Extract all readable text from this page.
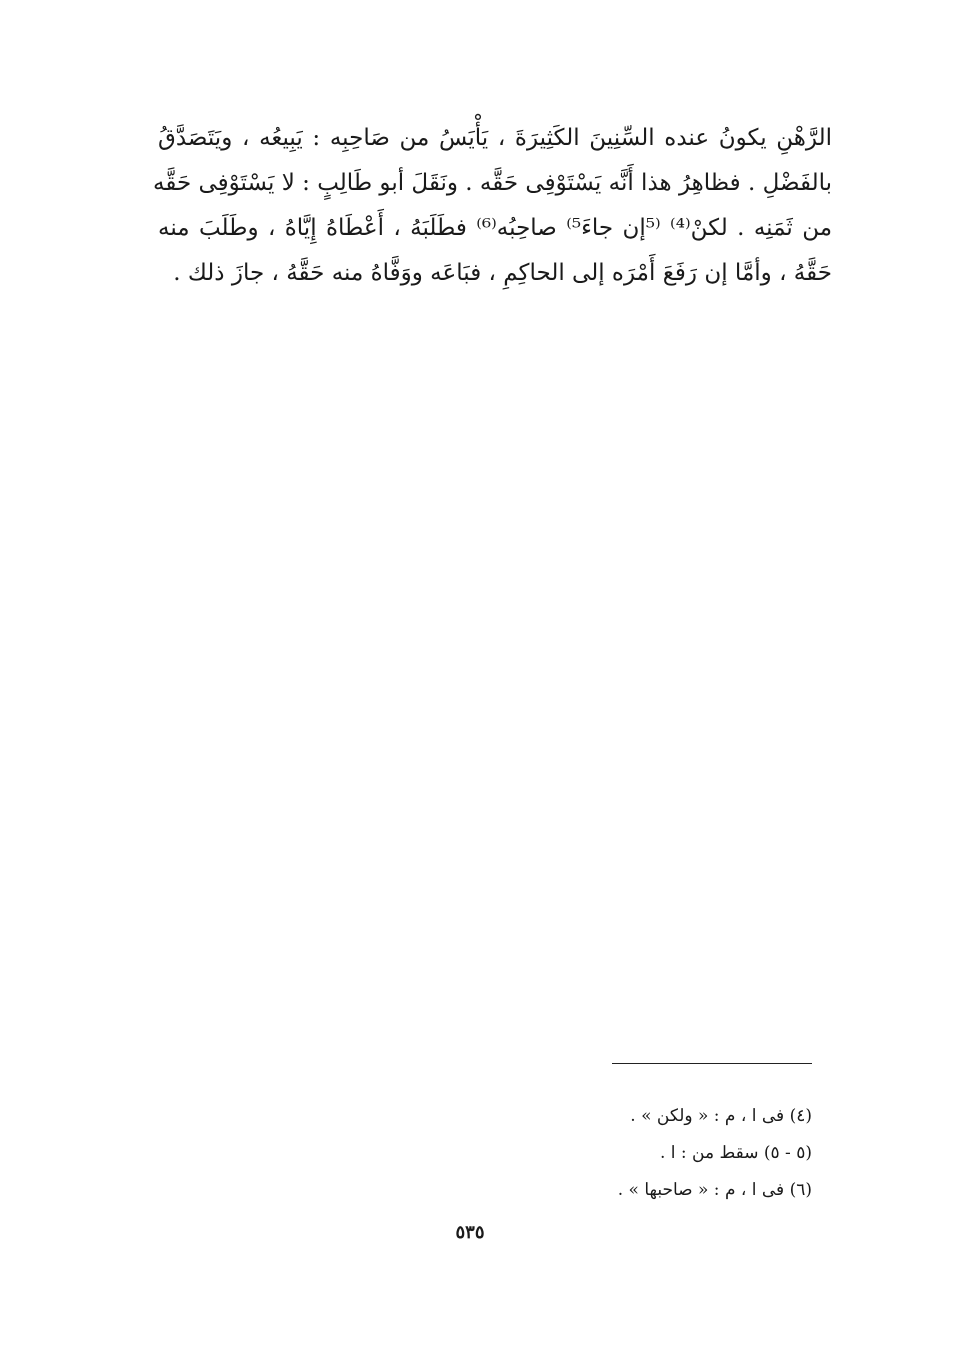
الرَّهْنِ يكونُ عنده السِّنِينَ الكَثِيرَةَ ، يَأْيَسُ من صَاحِبِه : يَبِيعُه ، ويَتَصَدَّقُ
بالفَضْلِ . فظاهِرُ هذا أَنَّه يَسْتَوْفِى حَقَّه . ونَقَلَ أبو طَالِبٍ : لا يَسْتَوْفِى حَقَّه
من ثَمَنِه . لكنْ⁽⁴⁾ ⁽⁵إن جاءَ⁵⁾ صاحِبُه⁽⁶⁾ فطَلَبَهُ ، أَعْطَاهُ إِيَّاهُ ، وطَلَبَ منه
حَقَّهُ ، وأمَّا إن رَفَعَ أَمْرَه إلى الحاكِمِ ، فبَاعَه ووَفَّاهُ منه حَقَّهُ ، جازَ ذلك .
(٤) فى ا ، م : « ولكن » .
(٥ - ٥) سقط من : ا .
(٦) فى ا ، م : « صاحبها » .
٥٣٥
